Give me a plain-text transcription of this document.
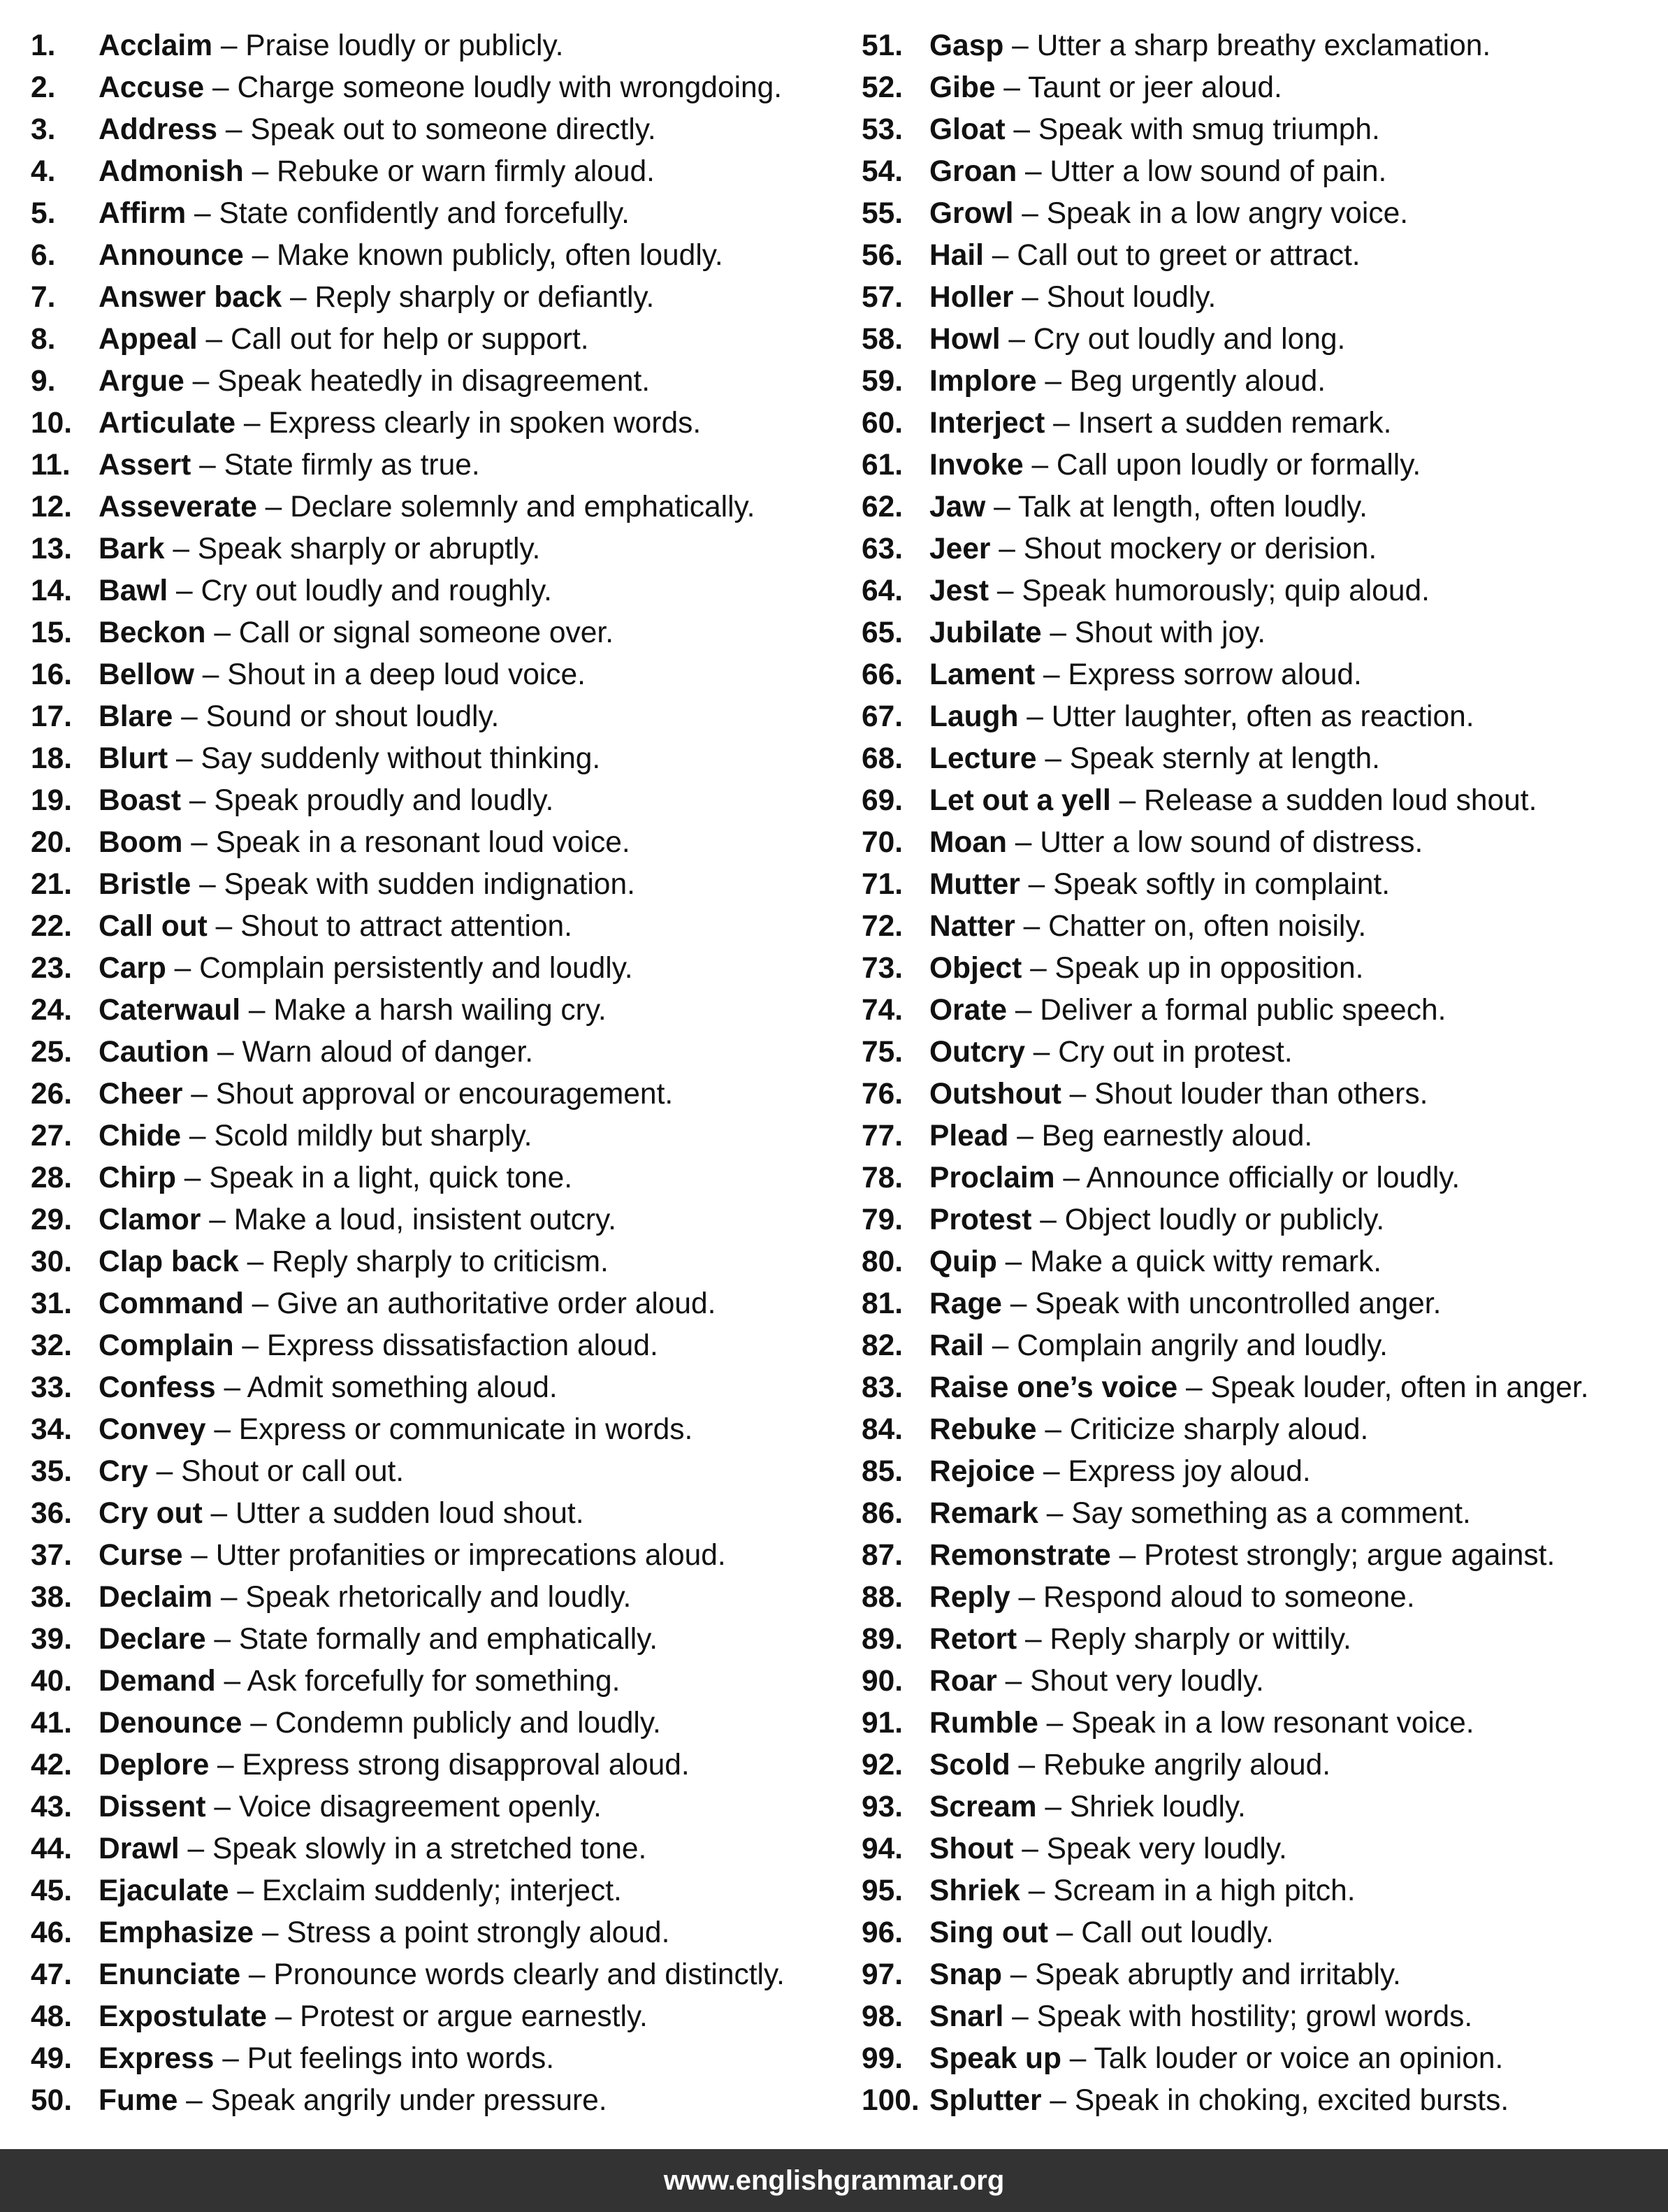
1. Acclaim – Praise loudly or publicly.
2. Accuse – Charge someone loudly with wrongdoing.
3. Address – Speak out to someone directly.
4. Admonish – Rebuke or warn firmly aloud.
5. Affirm – State confidently and forcefully.
6. Announce – Make known publicly, often loudly.
7. Answer back – Reply sharply or defiantly.
8. Appeal – Call out for help or support.
9. Argue – Speak heatedly in disagreement.
10. Articulate – Express clearly in spoken words.
11. Assert – State firmly as true.
12. Asseverate – Declare solemnly and emphatically.
13. Bark – Speak sharply or abruptly.
14. Bawl – Cry out loudly and roughly.
15. Beckon – Call or signal someone over.
16. Bellow – Shout in a deep loud voice.
17. Blare – Sound or shout loudly.
18. Blurt – Say suddenly without thinking.
19. Boast – Speak proudly and loudly.
20. Boom – Speak in a resonant loud voice.
21. Bristle – Speak with sudden indignation.
22. Call out – Shout to attract attention.
23. Carp – Complain persistently and loudly.
24. Caterwaul – Make a harsh wailing cry.
25. Caution – Warn aloud of danger.
26. Cheer – Shout approval or encouragement.
27. Chide – Scold mildly but sharply.
28. Chirp – Speak in a light, quick tone.
29. Clamor – Make a loud, insistent outcry.
30. Clap back – Reply sharply to criticism.
31. Command – Give an authoritative order aloud.
32. Complain – Express dissatisfaction aloud.
33. Confess – Admit something aloud.
34. Convey – Express or communicate in words.
35. Cry – Shout or call out.
36. Cry out – Utter a sudden loud shout.
37. Curse – Utter profanities or imprecations aloud.
38. Declaim – Speak rhetorically and loudly.
39. Declare – State formally and emphatically.
40. Demand – Ask forcefully for something.
41. Denounce – Condemn publicly and loudly.
42. Deplore – Express strong disapproval aloud.
43. Dissent – Voice disagreement openly.
44. Drawl – Speak slowly in a stretched tone.
45. Ejaculate – Exclaim suddenly; interject.
46. Emphasize – Stress a point strongly aloud.
47. Enunciate – Pronounce words clearly and distinctly.
48. Expostulate – Protest or argue earnestly.
49. Express – Put feelings into words.
50. Fume – Speak angrily under pressure.
51. Gasp – Utter a sharp breathy exclamation.
52. Gibe – Taunt or jeer aloud.
53. Gloat – Speak with smug triumph.
54. Groan – Utter a low sound of pain.
55. Growl – Speak in a low angry voice.
56. Hail – Call out to greet or attract.
57. Holler – Shout loudly.
58. Howl – Cry out loudly and long.
59. Implore – Beg urgently aloud.
60. Interject – Insert a sudden remark.
61. Invoke – Call upon loudly or formally.
62. Jaw – Talk at length, often loudly.
63. Jeer – Shout mockery or derision.
64. Jest – Speak humorously; quip aloud.
65. Jubilate – Shout with joy.
66. Lament – Express sorrow aloud.
67. Laugh – Utter laughter, often as reaction.
68. Lecture – Speak sternly at length.
69. Let out a yell – Release a sudden loud shout.
70. Moan – Utter a low sound of distress.
71. Mutter – Speak softly in complaint.
72. Natter – Chatter on, often noisily.
73. Object – Speak up in opposition.
74. Orate – Deliver a formal public speech.
75. Outcry – Cry out in protest.
76. Outshout – Shout louder than others.
77. Plead – Beg earnestly aloud.
78. Proclaim – Announce officially or loudly.
79. Protest – Object loudly or publicly.
80. Quip – Make a quick witty remark.
81. Rage – Speak with uncontrolled anger.
82. Rail – Complain angrily and loudly.
83. Raise one’s voice – Speak louder, often in anger.
84. Rebuke – Criticize sharply aloud.
85. Rejoice – Express joy aloud.
86. Remark – Say something as a comment.
87. Remonstrate – Protest strongly; argue against.
88. Reply – Respond aloud to someone.
89. Retort – Reply sharply or wittily.
90. Roar – Shout very loudly.
91. Rumble – Speak in a low resonant voice.
92. Scold – Rebuke angrily aloud.
93. Scream – Shriek loudly.
94. Shout – Speak very loudly.
95. Shriek – Scream in a high pitch.
96. Sing out – Call out loudly.
97. Snap – Speak abruptly and irritably.
98. Snarl – Speak with hostility; growl words.
99. Speak up – Talk louder or voice an opinion.
100. Splutter – Speak in choking, excited bursts.
www.englishgrammar.org
